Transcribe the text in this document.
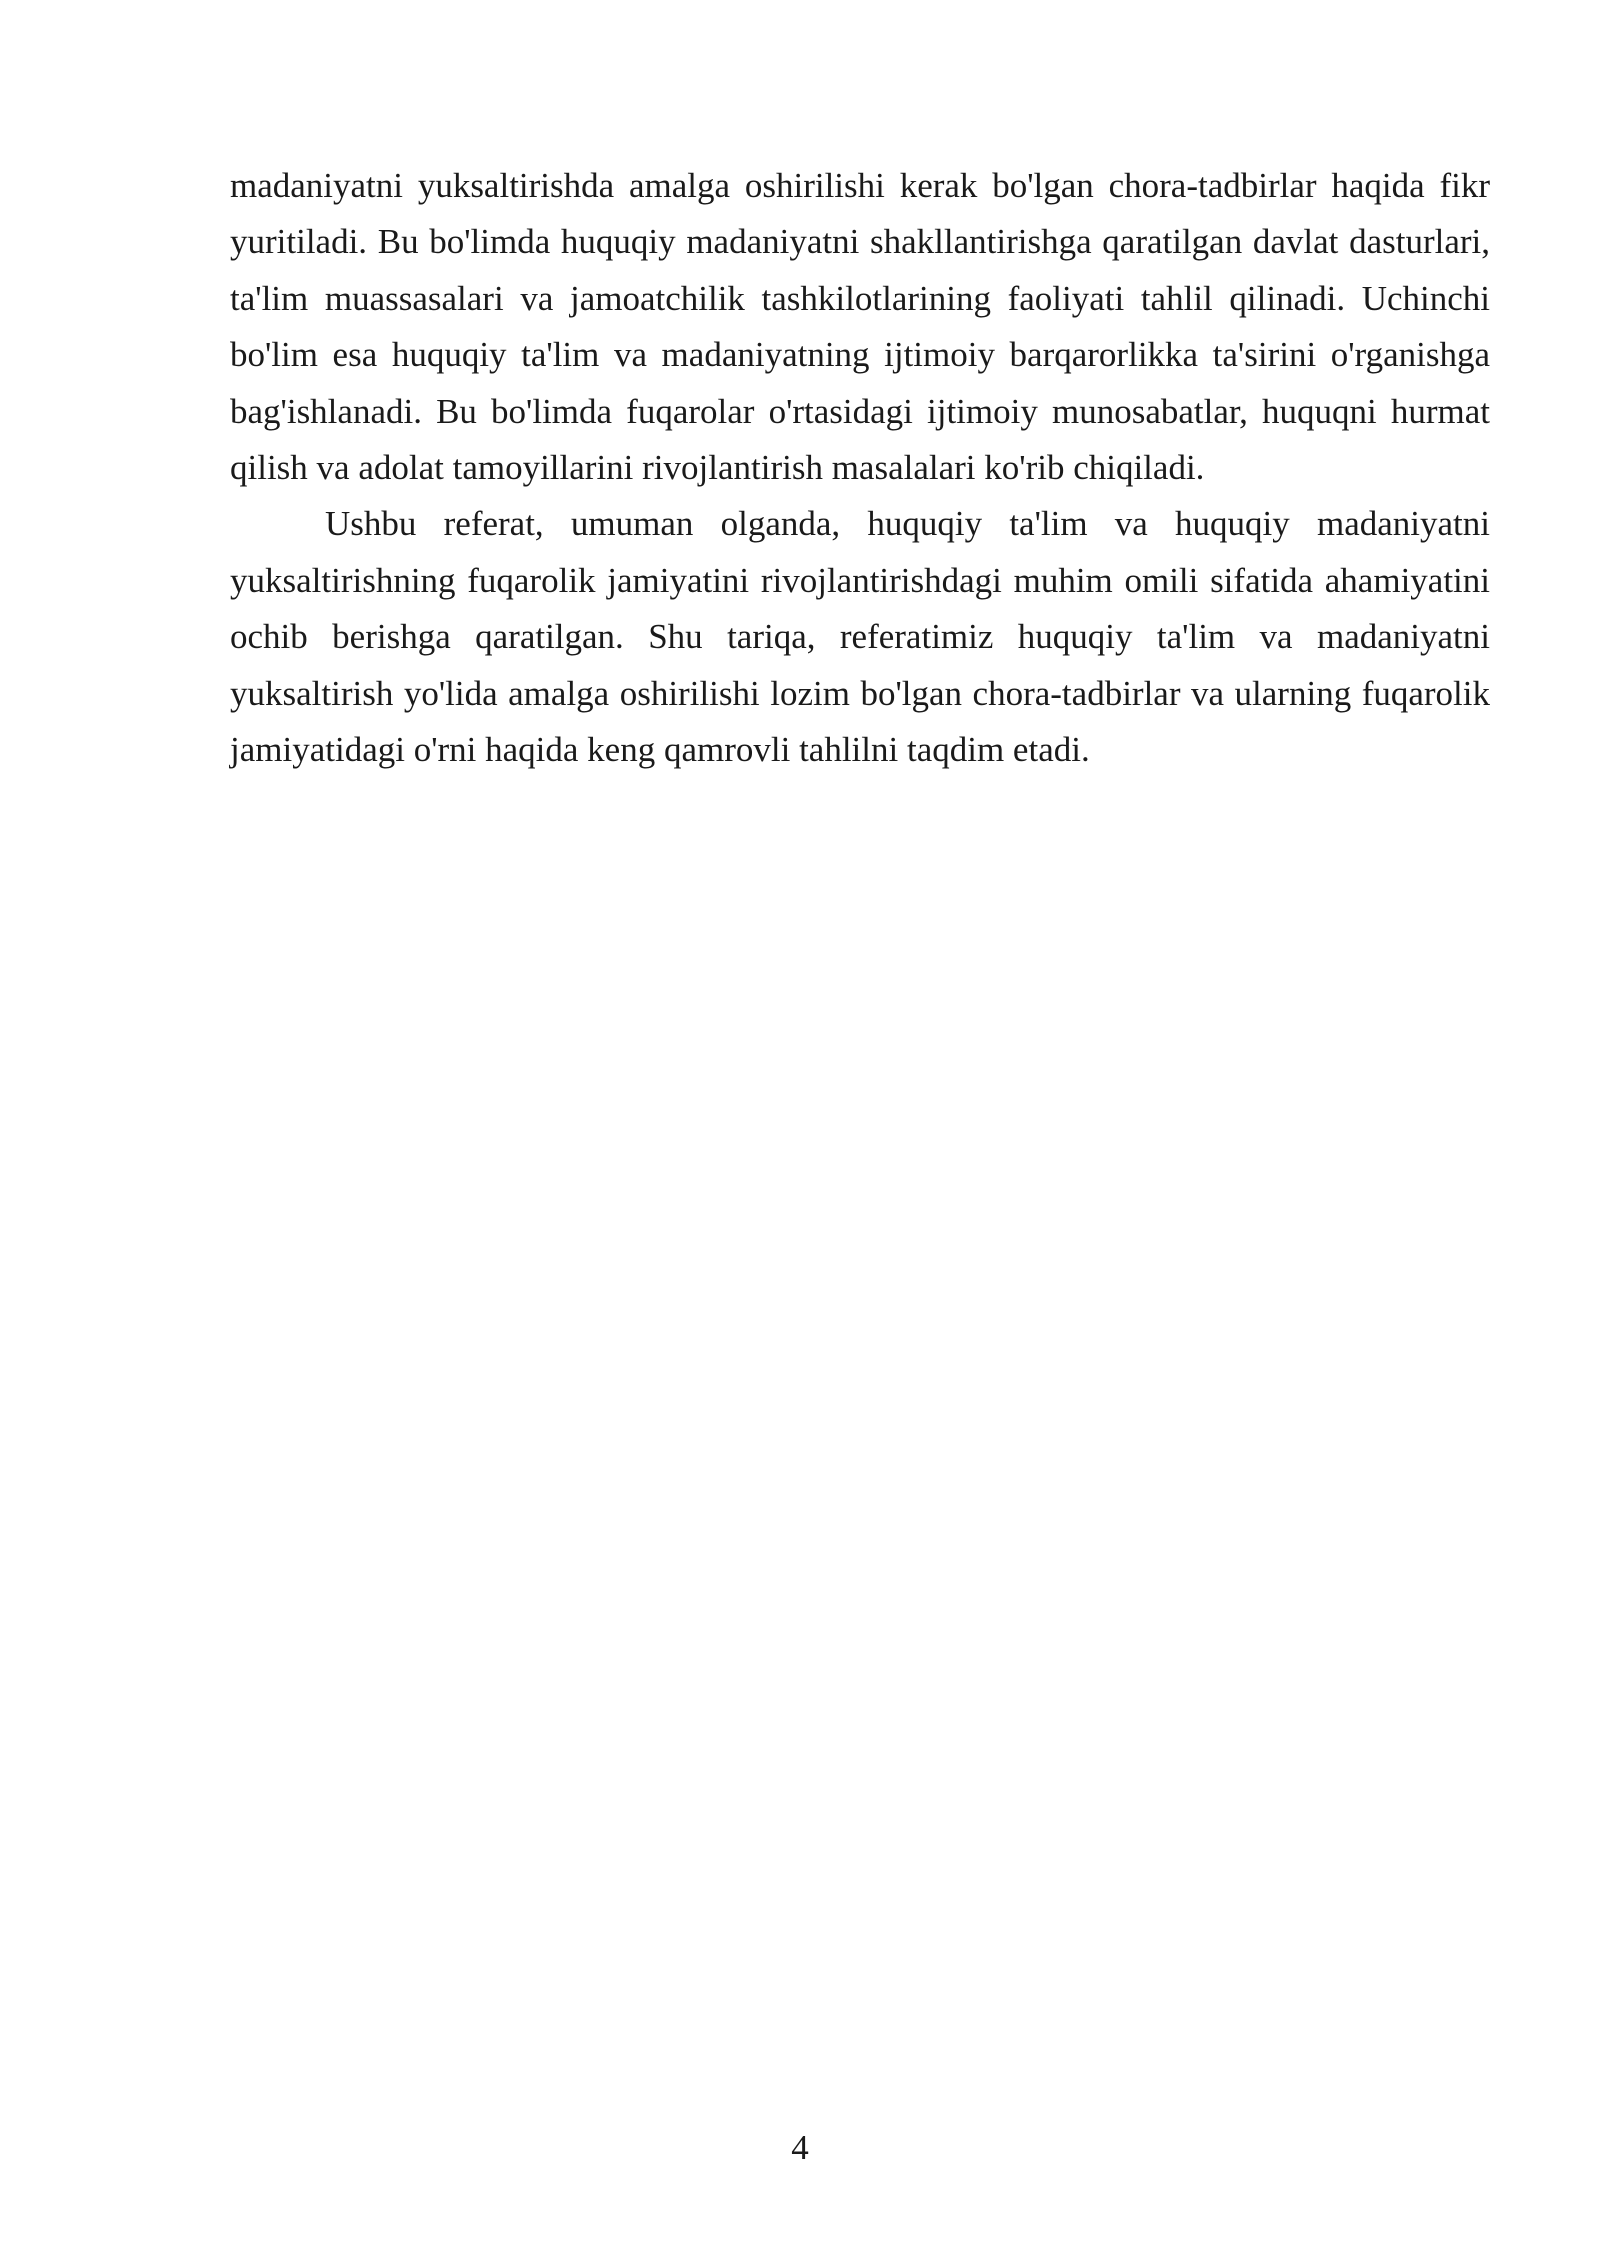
madaniyatni yuksaltirishda amalga oshirilishi kerak bo'lgan chora-tadbirlar haqida fikr yuritiladi. Bu bo'limda huquqiy madaniyatni shakllantirishga qaratilgan davlat dasturlari, ta'lim muassasalari va jamoatchilik tashkilotlarining faoliyati tahlil qilinadi. Uchinchi bo'lim esa huquqiy ta'lim va madaniyatning ijtimoiy barqarorlikka ta'sirini o'rganishga bag'ishlanadi. Bu bo'limda fuqarolar o'rtasidagi ijtimoiy munosabatlar, huquqni hurmat qilish va adolat tamoyillarini rivojlantirish masalalari ko'rib chiqiladi.

Ushbu referat, umuman olganda, huquqiy ta'lim va huquqiy madaniyatni yuksaltirishning fuqarolik jamiyatini rivojlantirishdagi muhim omili sifatida ahamiyatini ochib berishga qaratilgan. Shu tariqa, referatimiz huquqiy ta'lim va madaniyatni yuksaltirish yo'lida amalga oshirilishi lozim bo'lgan chora-tadbirlar va ularning fuqarolik jamiyatidagi o'rni haqida keng qamrovli tahlilni taqdim etadi.

4
